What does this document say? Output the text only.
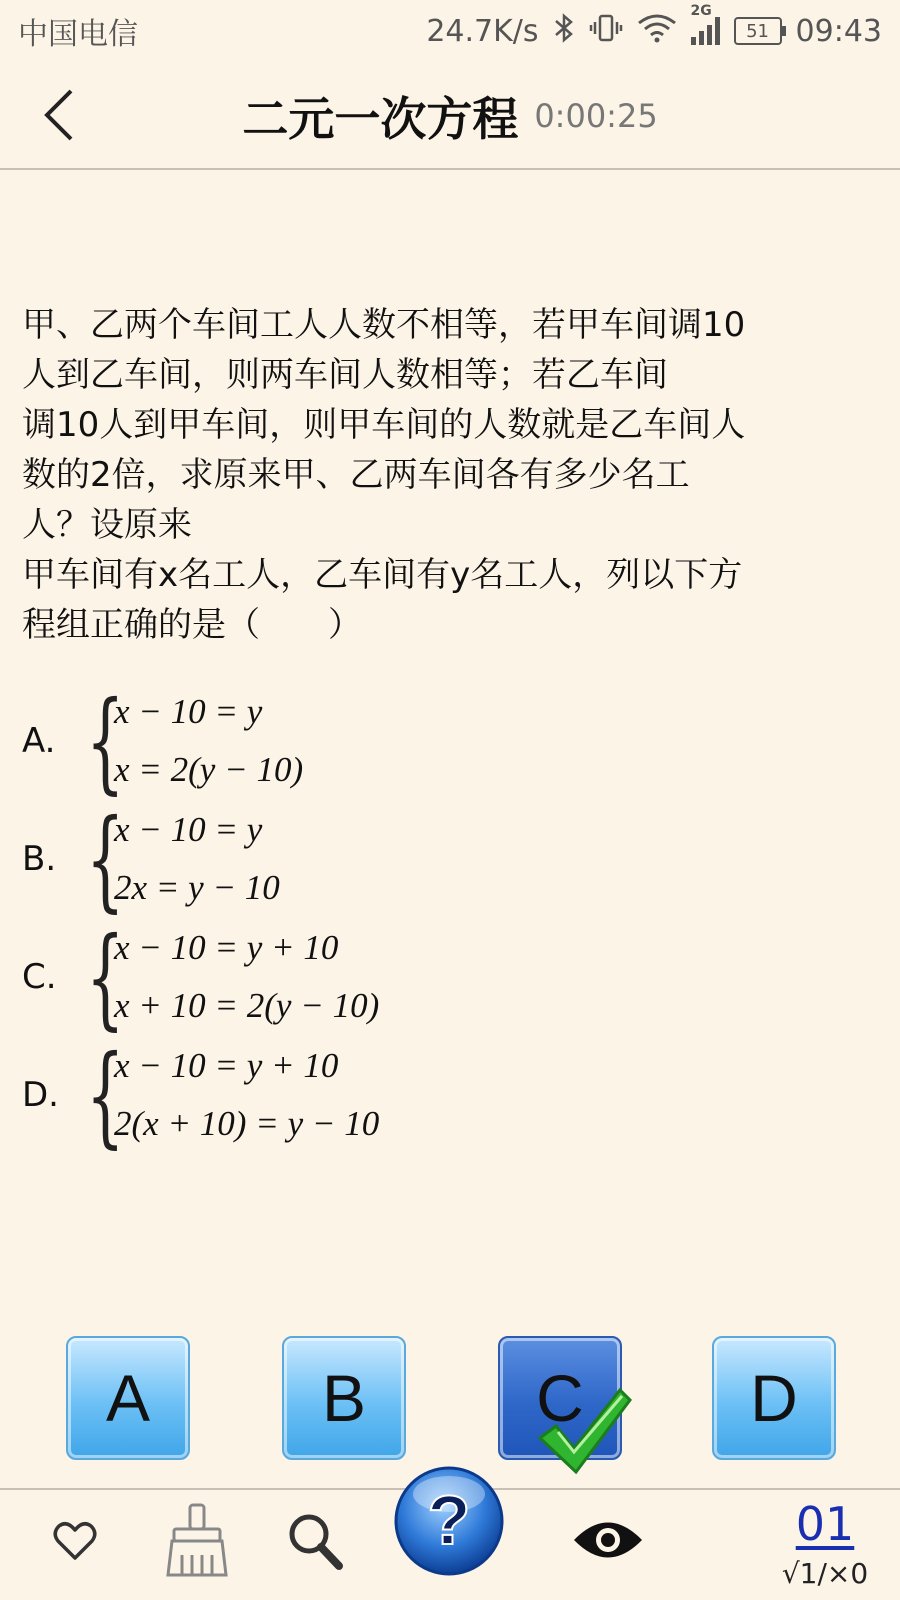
中国电信	24.7K/s
2G
51 09:43
二元一次方程 0:00:25

甲、乙两个车间工人人数不相等，若甲车间调10

人到乙车间，则两车间人数相等；若乙车间

调10人到甲车间，则甲车间的人数就是乙车间人

数的2倍，求原来甲、乙两车间各有多少名工

人？设原来

甲车间有x名工人，乙车间有y名工人，列以下方

程组正确的是（　　）

A. {
x − 10 = y
x = 2(y − 10)
B. {
x − 10 = y
2x = y − 10
C. {
x − 10 = y + 10
x + 10 = 2(y − 10)
D. {
x − 10 = y + 10
2(x + 10) = y − 10
A	B	C	D
?	01
√1/×0
